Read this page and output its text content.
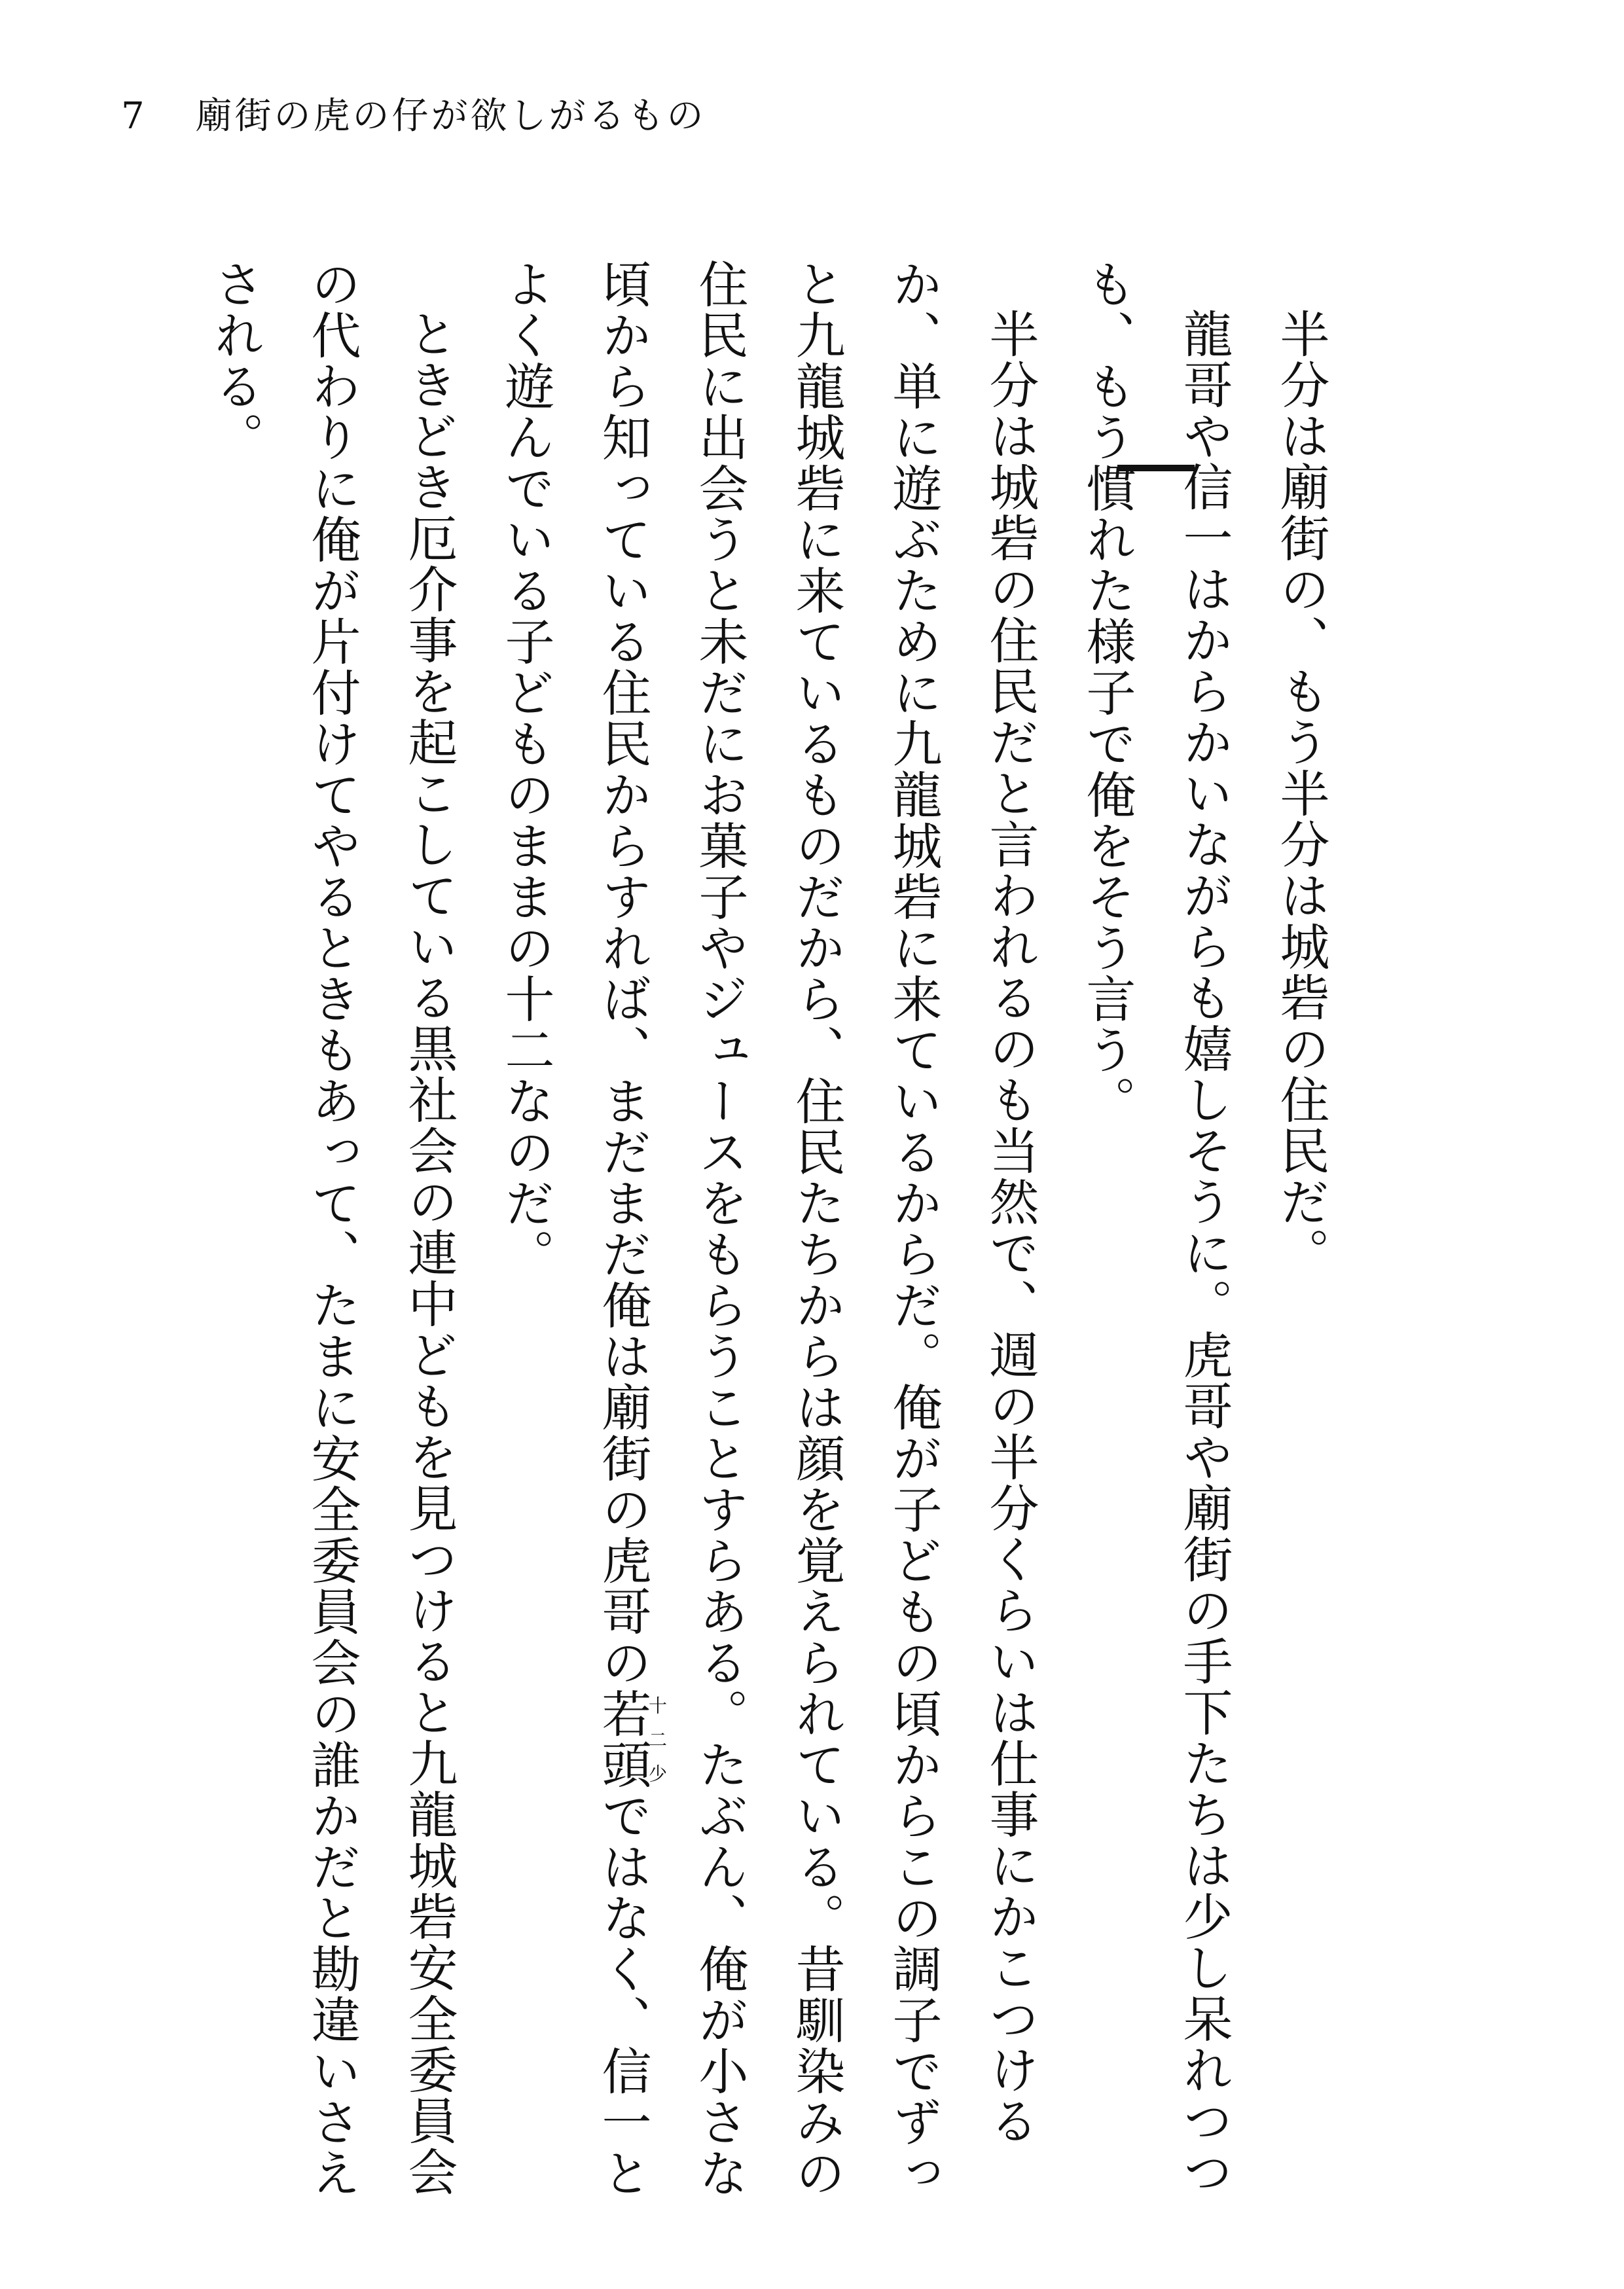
7 廟街の虎の仔が欲しがるもの

半分は廟街の、もう半分は城砦の住民だ。

龍哥や信一はからかいながらも嬉しそうに。虎哥や廟街の手下たちは少し呆れつつも、もう慣れた様子で俺をそう言う。

半分は城砦の住民だと言われるのも当然で、週の半分くらいは仕事にかこつけるか、単に遊ぶために九龍城砦に来ているからだ。俺が子どもの頃からこの調子でずっと九龍城砦に来ているものだから、住民たちからは顔を覚えられている。昔馴染みの住民に出会うと未だにお菓子やジュースをもらうことすらある。たぶん、俺が小さな頃から知っている住民からすれば、まだまだ俺は廟街の虎哥の若頭十二少ではなく、信一とよく遊んでいる子どものままの十二なのだ。

ときどき厄介事を起こしている黒社会の連中どもを見つけると九龍城砦安全委員会の代わりに俺が片付けてやるときもあって、たまに安全委員会の誰かだと勘違いさえされる。
